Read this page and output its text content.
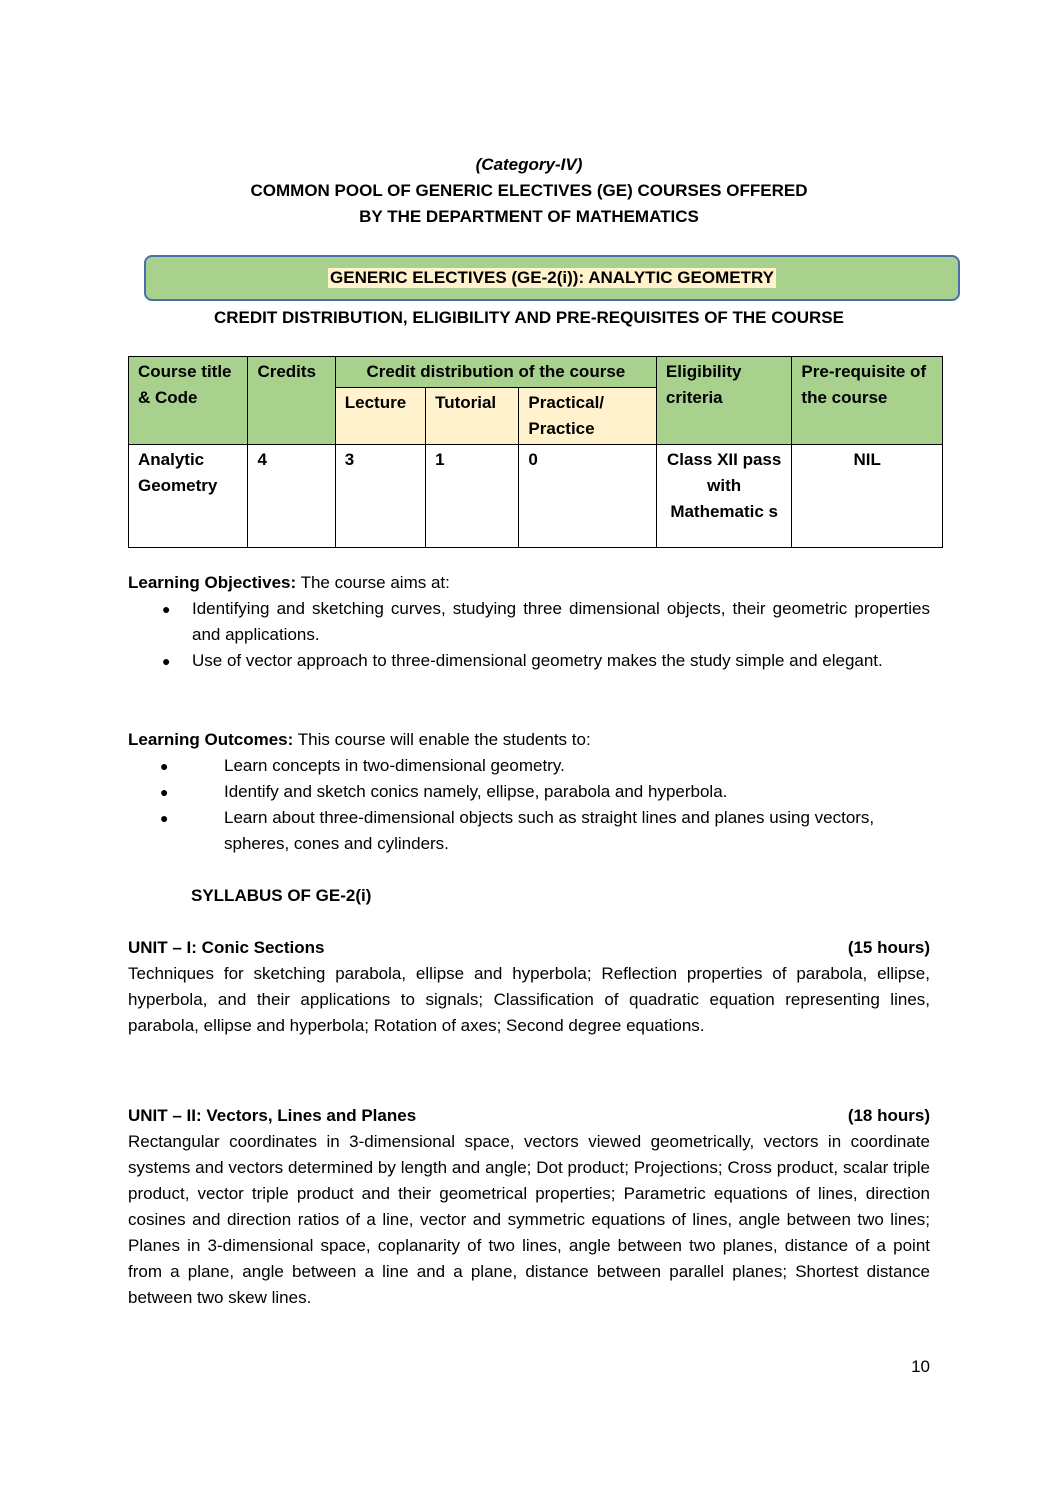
(Category-IV)
COMMON POOL OF GENERIC ELECTIVES (GE) COURSES OFFERED
BY THE DEPARTMENT OF MATHEMATICS
GENERIC ELECTIVES (GE-2(i)): ANALYTIC GEOMETRY
CREDIT DISTRIBUTION, ELIGIBILITY AND PRE-REQUISITES OF THE COURSE
Course title & Code	Credits	Credit distribution of the course			Eligibility criteria	Pre-requisite of the course
		Lecture	Tutorial	Practical/ Practice		
Analytic Geometry	4	3	1	0	Class XII pass with Mathematic s	NIL
Learning Objectives: The course aims at:
● Identifying and sketching curves, studying three dimensional objects, their geometric properties and applications.
● Use of vector approach to three-dimensional geometry makes the study simple and elegant.
Learning Outcomes: This course will enable the students to:
●	Learn concepts in two-dimensional geometry.
●	Identify and sketch conics namely, ellipse, parabola and hyperbola.
●	Learn about three-dimensional objects such as straight lines and planes using vectors, spheres, cones and cylinders.
SYLLABUS OF GE-2(i)
UNIT – I: Conic Sections	(15 hours)
Techniques for sketching parabola, ellipse and hyperbola; Reflection properties of parabola, ellipse, hyperbola, and their applications to signals; Classification of quadratic equation representing lines, parabola, ellipse and hyperbola; Rotation of axes; Second degree equations.
UNIT – II: Vectors, Lines and Planes	(18 hours)
Rectangular coordinates in 3-dimensional space, vectors viewed geometrically, vectors in coordinate systems and vectors determined by length and angle; Dot product; Projections; Cross product, scalar triple product, vector triple product and their geometrical properties; Parametric equations of lines, direction cosines and direction ratios of a line, vector and symmetric equations of lines, angle between two lines; Planes in 3-dimensional space, coplanarity of two lines, angle between two planes, distance of a point from a plane, angle between a line and a plane, distance between parallel planes; Shortest distance between two skew lines.
10
